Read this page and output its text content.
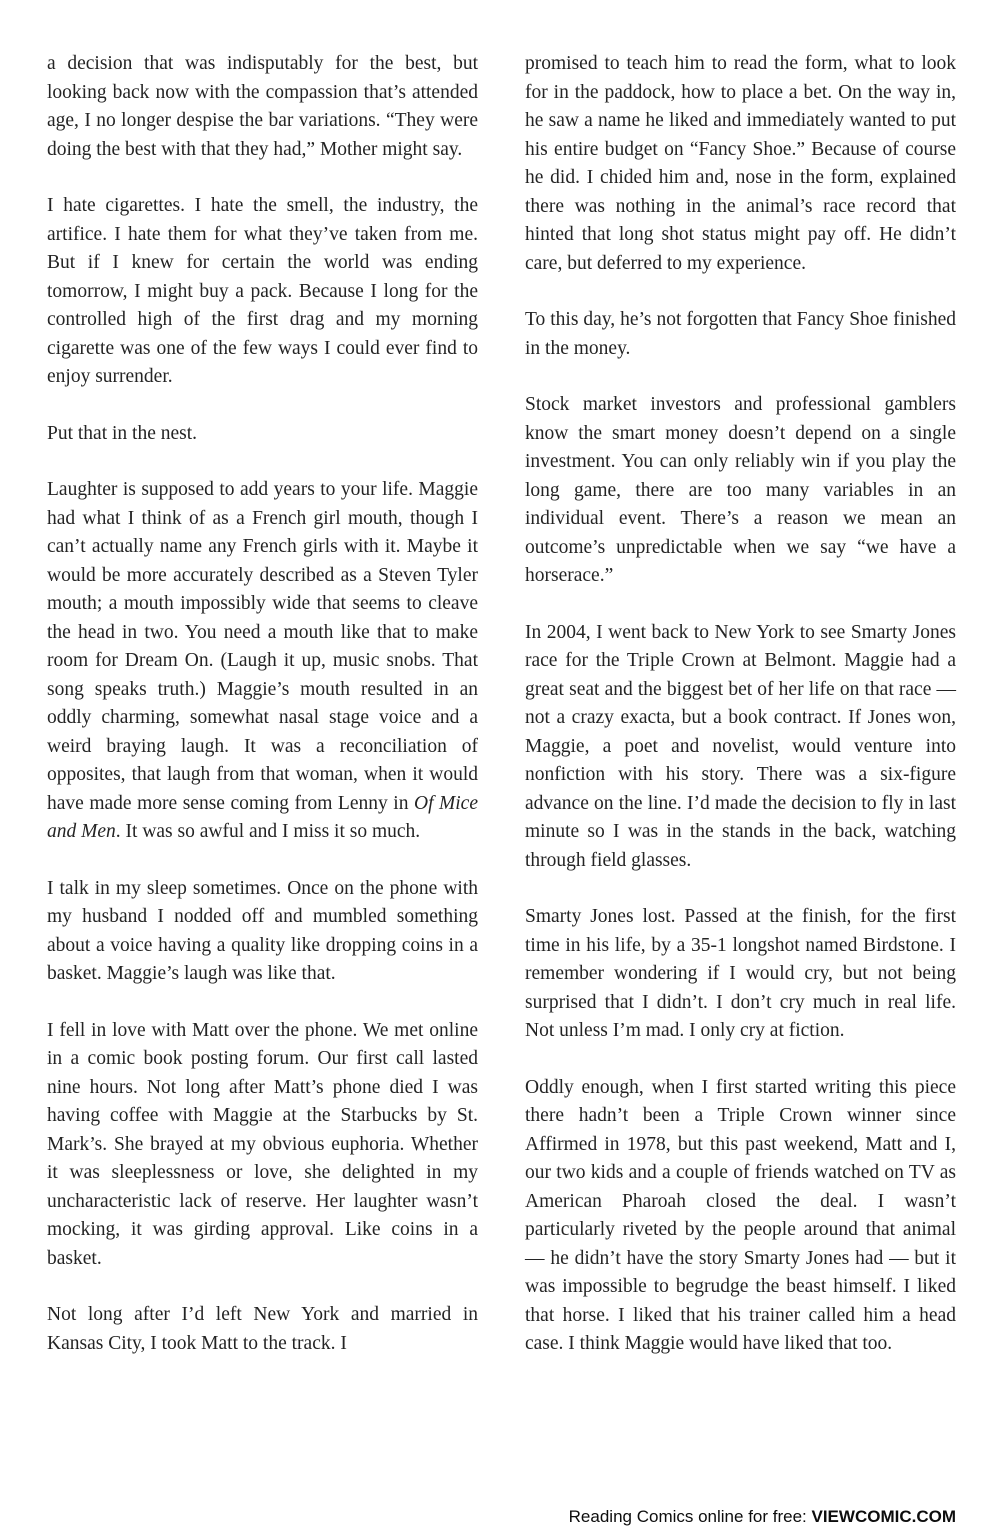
a decision that was indisputably for the best, but looking back now with the compassion that’s attended age, I no longer despise the bar variations. “They were doing the best with that they had,” Mother might say.

I hate cigarettes. I hate the smell, the industry, the artifice. I hate them for what they’ve taken from me. But if I knew for certain the world was ending tomorrow, I might buy a pack. Because I long for the controlled high of the first drag and my morning cigarette was one of the few ways I could ever find to enjoy surrender.

Put that in the nest.

Laughter is supposed to add years to your life. Maggie had what I think of as a French girl mouth, though I can’t actually name any French girls with it. Maybe it would be more accurately described as a Steven Tyler mouth; a mouth impossibly wide that seems to cleave the head in two. You need a mouth like that to make room for Dream On. (Laugh it up, music snobs. That song speaks truth.) Maggie’s mouth resulted in an oddly charming, somewhat nasal stage voice and a weird braying laugh. It was a reconciliation of opposites, that laugh from that woman, when it would have made more sense coming from Lenny in Of Mice and Men. It was so awful and I miss it so much.

I talk in my sleep sometimes. Once on the phone with my husband I nodded off and mumbled something about a voice having a quality like dropping coins in a basket. Maggie’s laugh was like that.

I fell in love with Matt over the phone. We met online in a comic book posting forum. Our first call lasted nine hours. Not long after Matt’s phone died I was having coffee with Maggie at the Starbucks by St. Mark’s. She brayed at my obvious euphoria. Whether it was sleeplessness or love, she delighted in my uncharacteristic lack of reserve. Her laughter wasn’t mocking, it was girding approval. Like coins in a basket.

Not long after I’d left New York and married in Kansas City, I took Matt to the track. I

promised to teach him to read the form, what to look for in the paddock, how to place a bet. On the way in, he saw a name he liked and immediately wanted to put his entire budget on “Fancy Shoe.” Because of course he did. I chided him and, nose in the form, explained there was nothing in the animal’s race record that hinted that long shot status might pay off. He didn’t care, but deferred to my experience.

To this day, he’s not forgotten that Fancy Shoe finished in the money.

Stock market investors and professional gamblers know the smart money doesn’t depend on a single investment. You can only reliably win if you play the long game, there are too many variables in an individual event. There’s a reason we mean an outcome’s unpredictable when we say “we have a horserace.”

In 2004, I went back to New York to see Smarty Jones race for the Triple Crown at Belmont. Maggie had a great seat and the biggest bet of her life on that race — not a crazy exacta, but a book contract. If Jones won, Maggie, a poet and novelist, would venture into nonfiction with his story. There was a six-figure advance on the line. I’d made the decision to fly in last minute so I was in the stands in the back, watching through field glasses.

Smarty Jones lost. Passed at the finish, for the first time in his life, by a 35-1 longshot named Birdstone. I remember wondering if I would cry, but not being surprised that I didn’t. I don’t cry much in real life. Not unless I’m mad. I only cry at fiction.

Oddly enough, when I first started writing this piece there hadn’t been a Triple Crown winner since Affirmed in 1978, but this past weekend, Matt and I, our two kids and a couple of friends watched on TV as American Pharoah closed the deal. I wasn’t particularly riveted by the people around that animal — he didn’t have the story Smarty Jones had — but it was impossible to begrudge the beast himself. I liked that horse. I liked that his trainer called him a head case. I think Maggie would have liked that too.

Reading Comics online for free: VIEWCOMIC.COM
